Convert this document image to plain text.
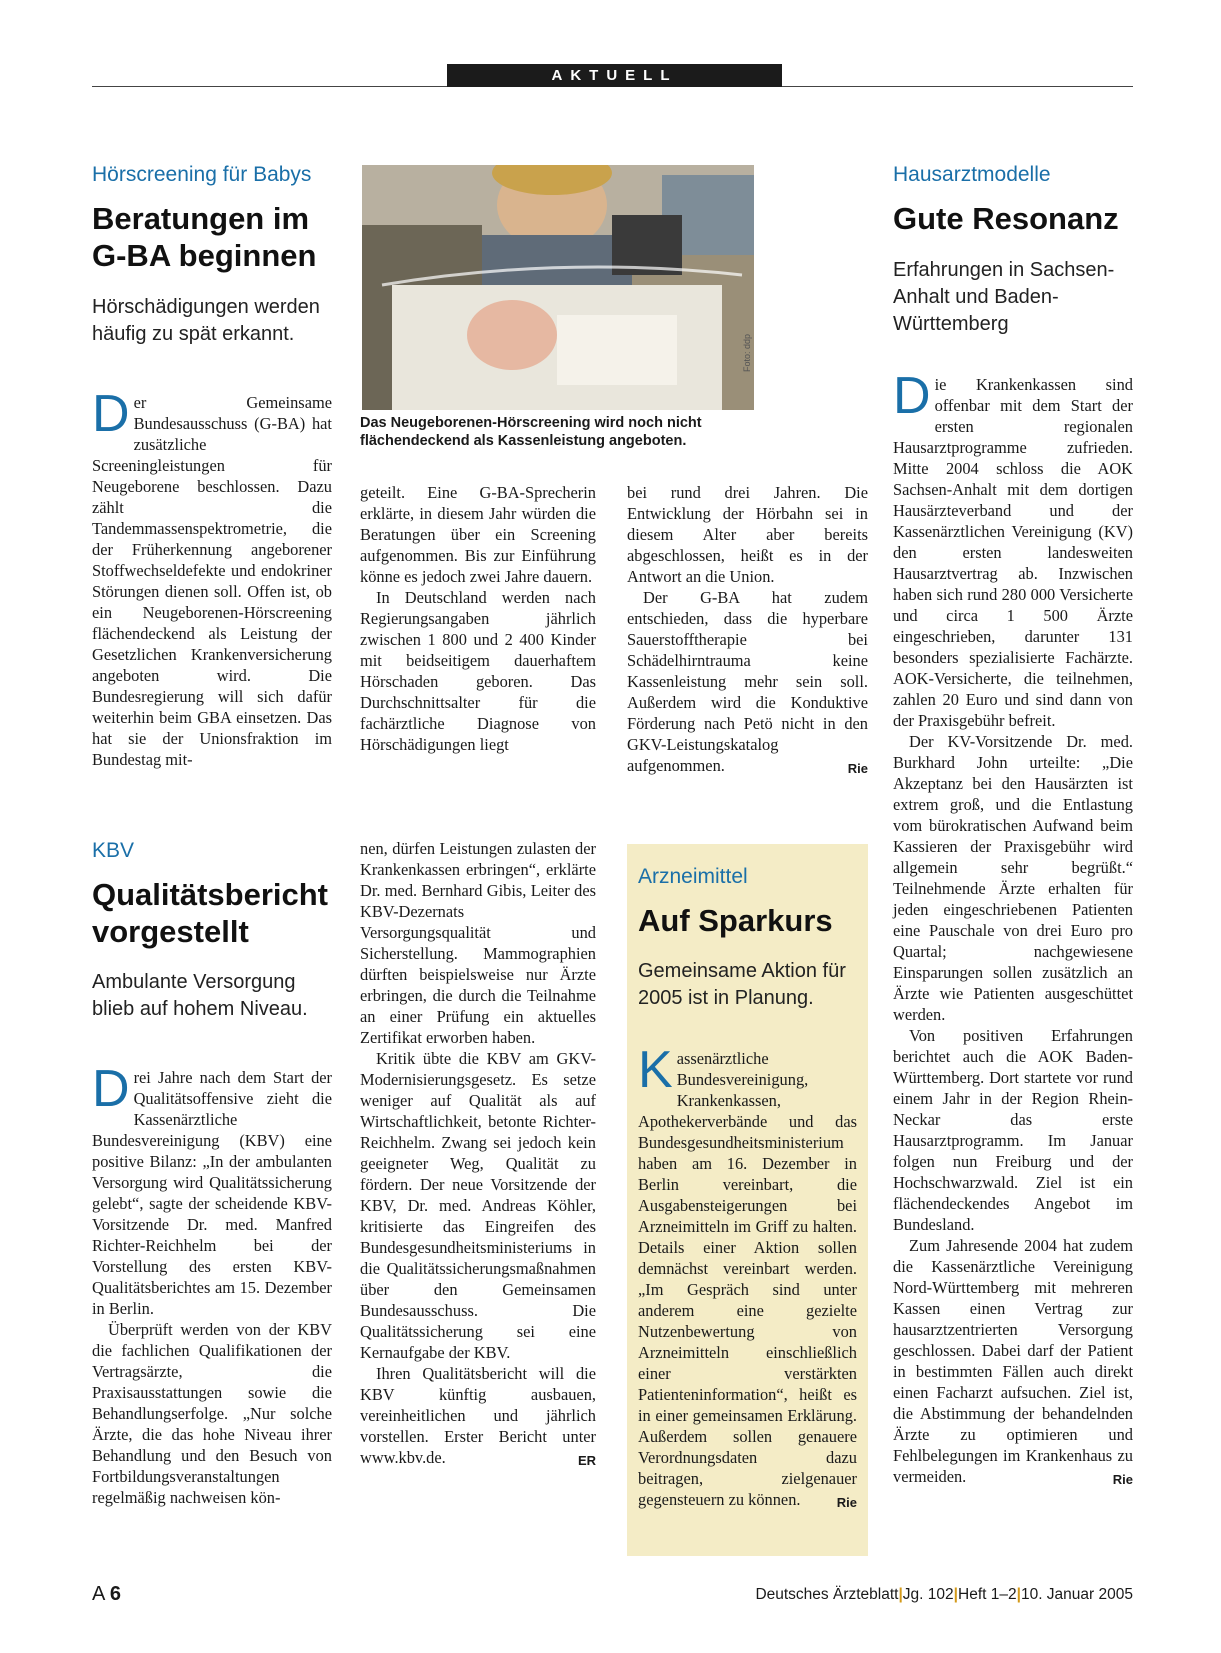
AKTUELL
Hörscreening für Babys
Beratungen im G-BA beginnen
Hörschädigungen werden häufig zu spät erkannt.

Der Gemeinsame Bundesausschuss (G-BA) hat zusätzliche Screeningleistungen für Neugeborene beschlossen. Dazu zählt die Tandemmassenspektrometrie, die der Früherkennung angeborener Stoffwechseldefekte und endokriner Störungen dienen soll. Offen ist, ob ein Neugeborenen-Hörscreening flächendeckend als Leistung der Gesetzlichen Krankenversicherung angeboten wird. Die Bundesregierung will sich dafür weiterhin beim GBA einsetzen. Das hat sie der Unionsfraktion im Bundestag mit-

Foto: ddp
Das Neugeborenen-Hörscreening wird noch nicht flächendeckend als Kassenleistung angeboten.

geteilt. Eine G-BA-Sprecherin erklärte, in diesem Jahr würden die Beratungen über ein Screening aufgenommen. Bis zur Einführung könne es jedoch zwei Jahre dauern.

In Deutschland werden nach Regierungsangaben jährlich zwischen 1 800 und 2 400 Kinder mit beidseitigem dauerhaftem Hörschaden geboren. Das Durchschnittsalter für die fachärztliche Diagnose von Hörschädigungen liegt

bei rund drei Jahren. Die Entwicklung der Hörbahn sei in diesem Alter aber bereits abgeschlossen, heißt es in der Antwort an die Union.

Der G-BA hat zudem entschieden, dass die hyperbare Sauerstofftherapie bei Schädelhirntrauma keine Kassenleistung mehr sein soll. Außerdem wird die Konduktive Förderung nach Petö nicht in den GKV-Leistungskatalog aufgenommen.	Rie

Hausarztmodelle
Gute Resonanz
Erfahrungen in Sachsen-Anhalt und Baden-Württemberg

Die Krankenkassen sind offenbar mit dem Start der ersten regionalen Hausarztprogramme zufrieden. Mitte 2004 schloss die AOK Sachsen-Anhalt mit dem dortigen Hausärzteverband und der Kassenärztlichen Vereinigung (KV) den ersten landesweiten Hausarztvertrag ab. Inzwischen haben sich rund 280 000 Versicherte und circa 1 500 Ärzte eingeschrieben, darunter 131 besonders spezialisierte Fachärzte. AOK-Versicherte, die teilnehmen, zahlen 20 Euro und sind dann von der Praxisgebühr befreit.

Der KV-Vorsitzende Dr. med. Burkhard John urteilte: „Die Akzeptanz bei den Hausärzten ist extrem groß, und die Entlastung vom bürokratischen Aufwand beim Kassieren der Praxisgebühr wird allgemein sehr begrüßt.“ Teilnehmende Ärzte erhalten für jeden eingeschriebenen Patienten eine Pauschale von drei Euro pro Quartal; nachgewiesene Einsparungen sollen zusätzlich an Ärzte wie Patienten ausgeschüttet werden.

Von positiven Erfahrungen berichtet auch die AOK Baden-Württemberg. Dort startete vor rund einem Jahr in der Region Rhein-Neckar das erste Hausarztprogramm. Im Januar folgen nun Freiburg und der Hochschwarzwald. Ziel ist ein flächendeckendes Angebot im Bundesland.

Zum Jahresende 2004 hat zudem die Kassenärztliche Vereinigung Nord-Württemberg mit mehreren Kassen einen Vertrag zur hausarztzentrierten Versorgung geschlossen. Dabei darf der Patient in bestimmten Fällen auch direkt einen Facharzt aufsuchen. Ziel ist, die Abstimmung der behandelnden Ärzte zu optimieren und Fehlbelegungen im Krankenhaus zu vermeiden.	Rie

KBV
Qualitätsbericht vorgestellt
Ambulante Versorgung blieb auf hohem Niveau.

Drei Jahre nach dem Start der Qualitätsoffensive zieht die Kassenärztliche Bundesvereinigung (KBV) eine positive Bilanz: „In der ambulanten Versorgung wird Qualitätssicherung gelebt“, sagte der scheidende KBV-Vorsitzende Dr. med. Manfred Richter-Reichhelm bei der Vorstellung des ersten KBV-Qualitätsberichtes am 15. Dezember in Berlin.

Überprüft werden von der KBV die fachlichen Qualifikationen der Vertragsärzte, die Praxisausstattungen sowie die Behandlungserfolge. „Nur solche Ärzte, die das hohe Niveau ihrer Behandlung und den Besuch von Fortbildungsveranstaltungen regelmäßig nachweisen kön-

nen, dürfen Leistungen zulasten der Krankenkassen erbringen“, erklärte Dr. med. Bernhard Gibis, Leiter des KBV-Dezernats Versorgungsqualität und Sicherstellung. Mammographien dürften beispielsweise nur Ärzte erbringen, die durch die Teilnahme an einer Prüfung ein aktuelles Zertifikat erworben haben.

Kritik übte die KBV am GKV-Modernisierungsgesetz. Es setze weniger auf Qualität als auf Wirtschaftlichkeit, betonte Richter-Reichhelm. Zwang sei jedoch kein geeigneter Weg, Qualität zu fördern. Der neue Vorsitzende der KBV, Dr. med. Andreas Köhler, kritisierte das Eingreifen des Bundesgesundheitsministeriums in die Qualitätssicherungsmaßnahmen über den Gemeinsamen Bundesausschuss. Die Qualitätssicherung sei eine Kernaufgabe der KBV.

Ihren Qualitätsbericht will die KBV künftig ausbauen, vereinheitlichen und jährlich vorstellen. Erster Bericht unter www.kbv.de.	ER

Arzneimittel
Auf Sparkurs
Gemeinsame Aktion für 2005 ist in Planung.

Kassenärztliche Bundesvereinigung, Krankenkassen, Apothekerverbände und das Bundesgesundheitsministerium haben am 16. Dezember in Berlin vereinbart, die Ausgabensteigerungen bei Arzneimitteln im Griff zu halten. Details einer Aktion sollen demnächst vereinbart werden. „Im Gespräch sind unter anderem eine gezielte Nutzenbewertung von Arzneimitteln einschließlich einer verstärkten Patienteninformation“, heißt es in einer gemeinsamen Erklärung. Außerdem sollen genauere Verordnungsdaten dazu beitragen, zielgenauer gegensteuern zu können.	Rie

A 6	Deutsches Ärzteblatt|Jg. 102|Heft 1–2|10. Januar 2005
